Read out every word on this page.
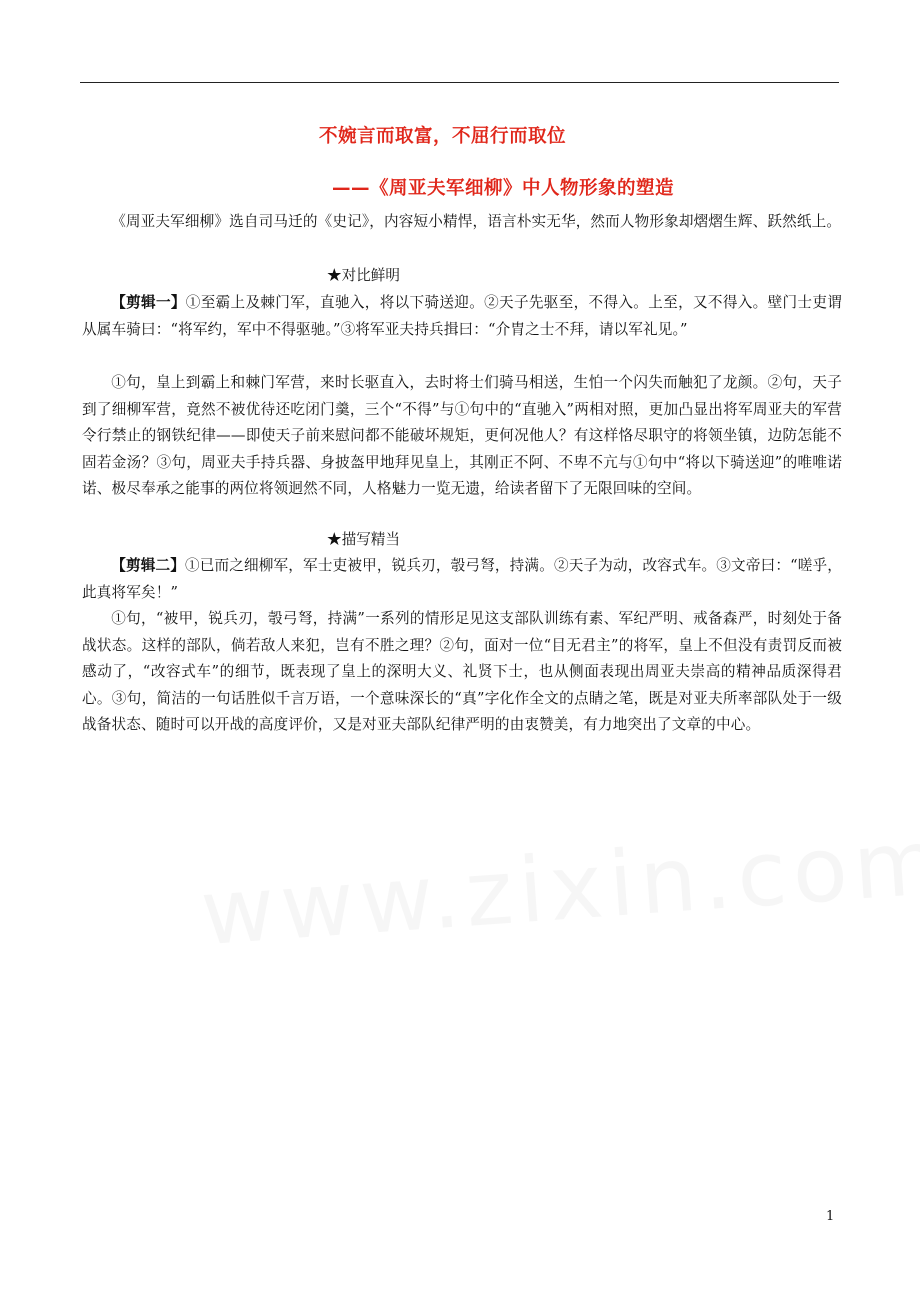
不婉言而取富，不屈行而取位
——《周亚夫军细柳》中人物形象的塑造
《周亚夫军细柳》选自司马迁的《史记》，内容短小精悍，语言朴实无华，然而人物形象却熠熠生辉、跃然纸上。
★对比鲜明
【剪辑一】①至霸上及棘门军，直驰入，将以下骑送迎。②天子先驱至，不得入。上至，又不得入。壁门士吏谓从属车骑曰：“将军约，军中不得驱驰。”③将军亚夫持兵揖曰：“介胄之士不拜，请以军礼见。”
①句，皇上到霸上和棘门军营，来时长驱直入，去时将士们骑马相送，生怕一个闪失而触犯了龙颜。②句，天子到了细柳军营，竟然不被优待还吃闭门羹，三个“不得”与①句中的“直驰入”两相对照，更加凸显出将军周亚夫的军营令行禁止的钢铁纪律——即使天子前来慰问都不能破坏规矩，更何况他人？有这样恪尽职守的将领坐镇，边防怎能不固若金汤？③句，周亚夫手持兵器、身披盔甲地拜见皇上，其刚正不阿、不卑不亢与①句中“将以下骑送迎”的唯唯诺诺、极尽奉承之能事的两位将领迥然不同，人格魅力一览无遗，给读者留下了无限回味的空间。
★描写精当
【剪辑二】①已而之细柳军，军士吏被甲，锐兵刃，彀弓弩，持满。②天子为动，改容式车。③文帝曰：“嗟乎，此真将军矣！”
①句，“被甲，锐兵刃，彀弓弩，持满”一系列的情形足见这支部队训练有素、军纪严明、戒备森严，时刻处于备战状态。这样的部队，倘若敌人来犯，岂有不胜之理？②句，面对一位“目无君主”的将军，皇上不但没有责罚反而被感动了，“改容式车”的细节，既表现了皇上的深明大义、礼贤下士，也从侧面表现出周亚夫崇高的精神品质深得君心。③句，简洁的一句话胜似千言万语，一个意味深长的“真”字化作全文的点睛之笔，既是对亚夫所率部队处于一级战备状态、随时可以开战的高度评价，又是对亚夫部队纪律严明的由衷赞美，有力地突出了文章的中心。
1
